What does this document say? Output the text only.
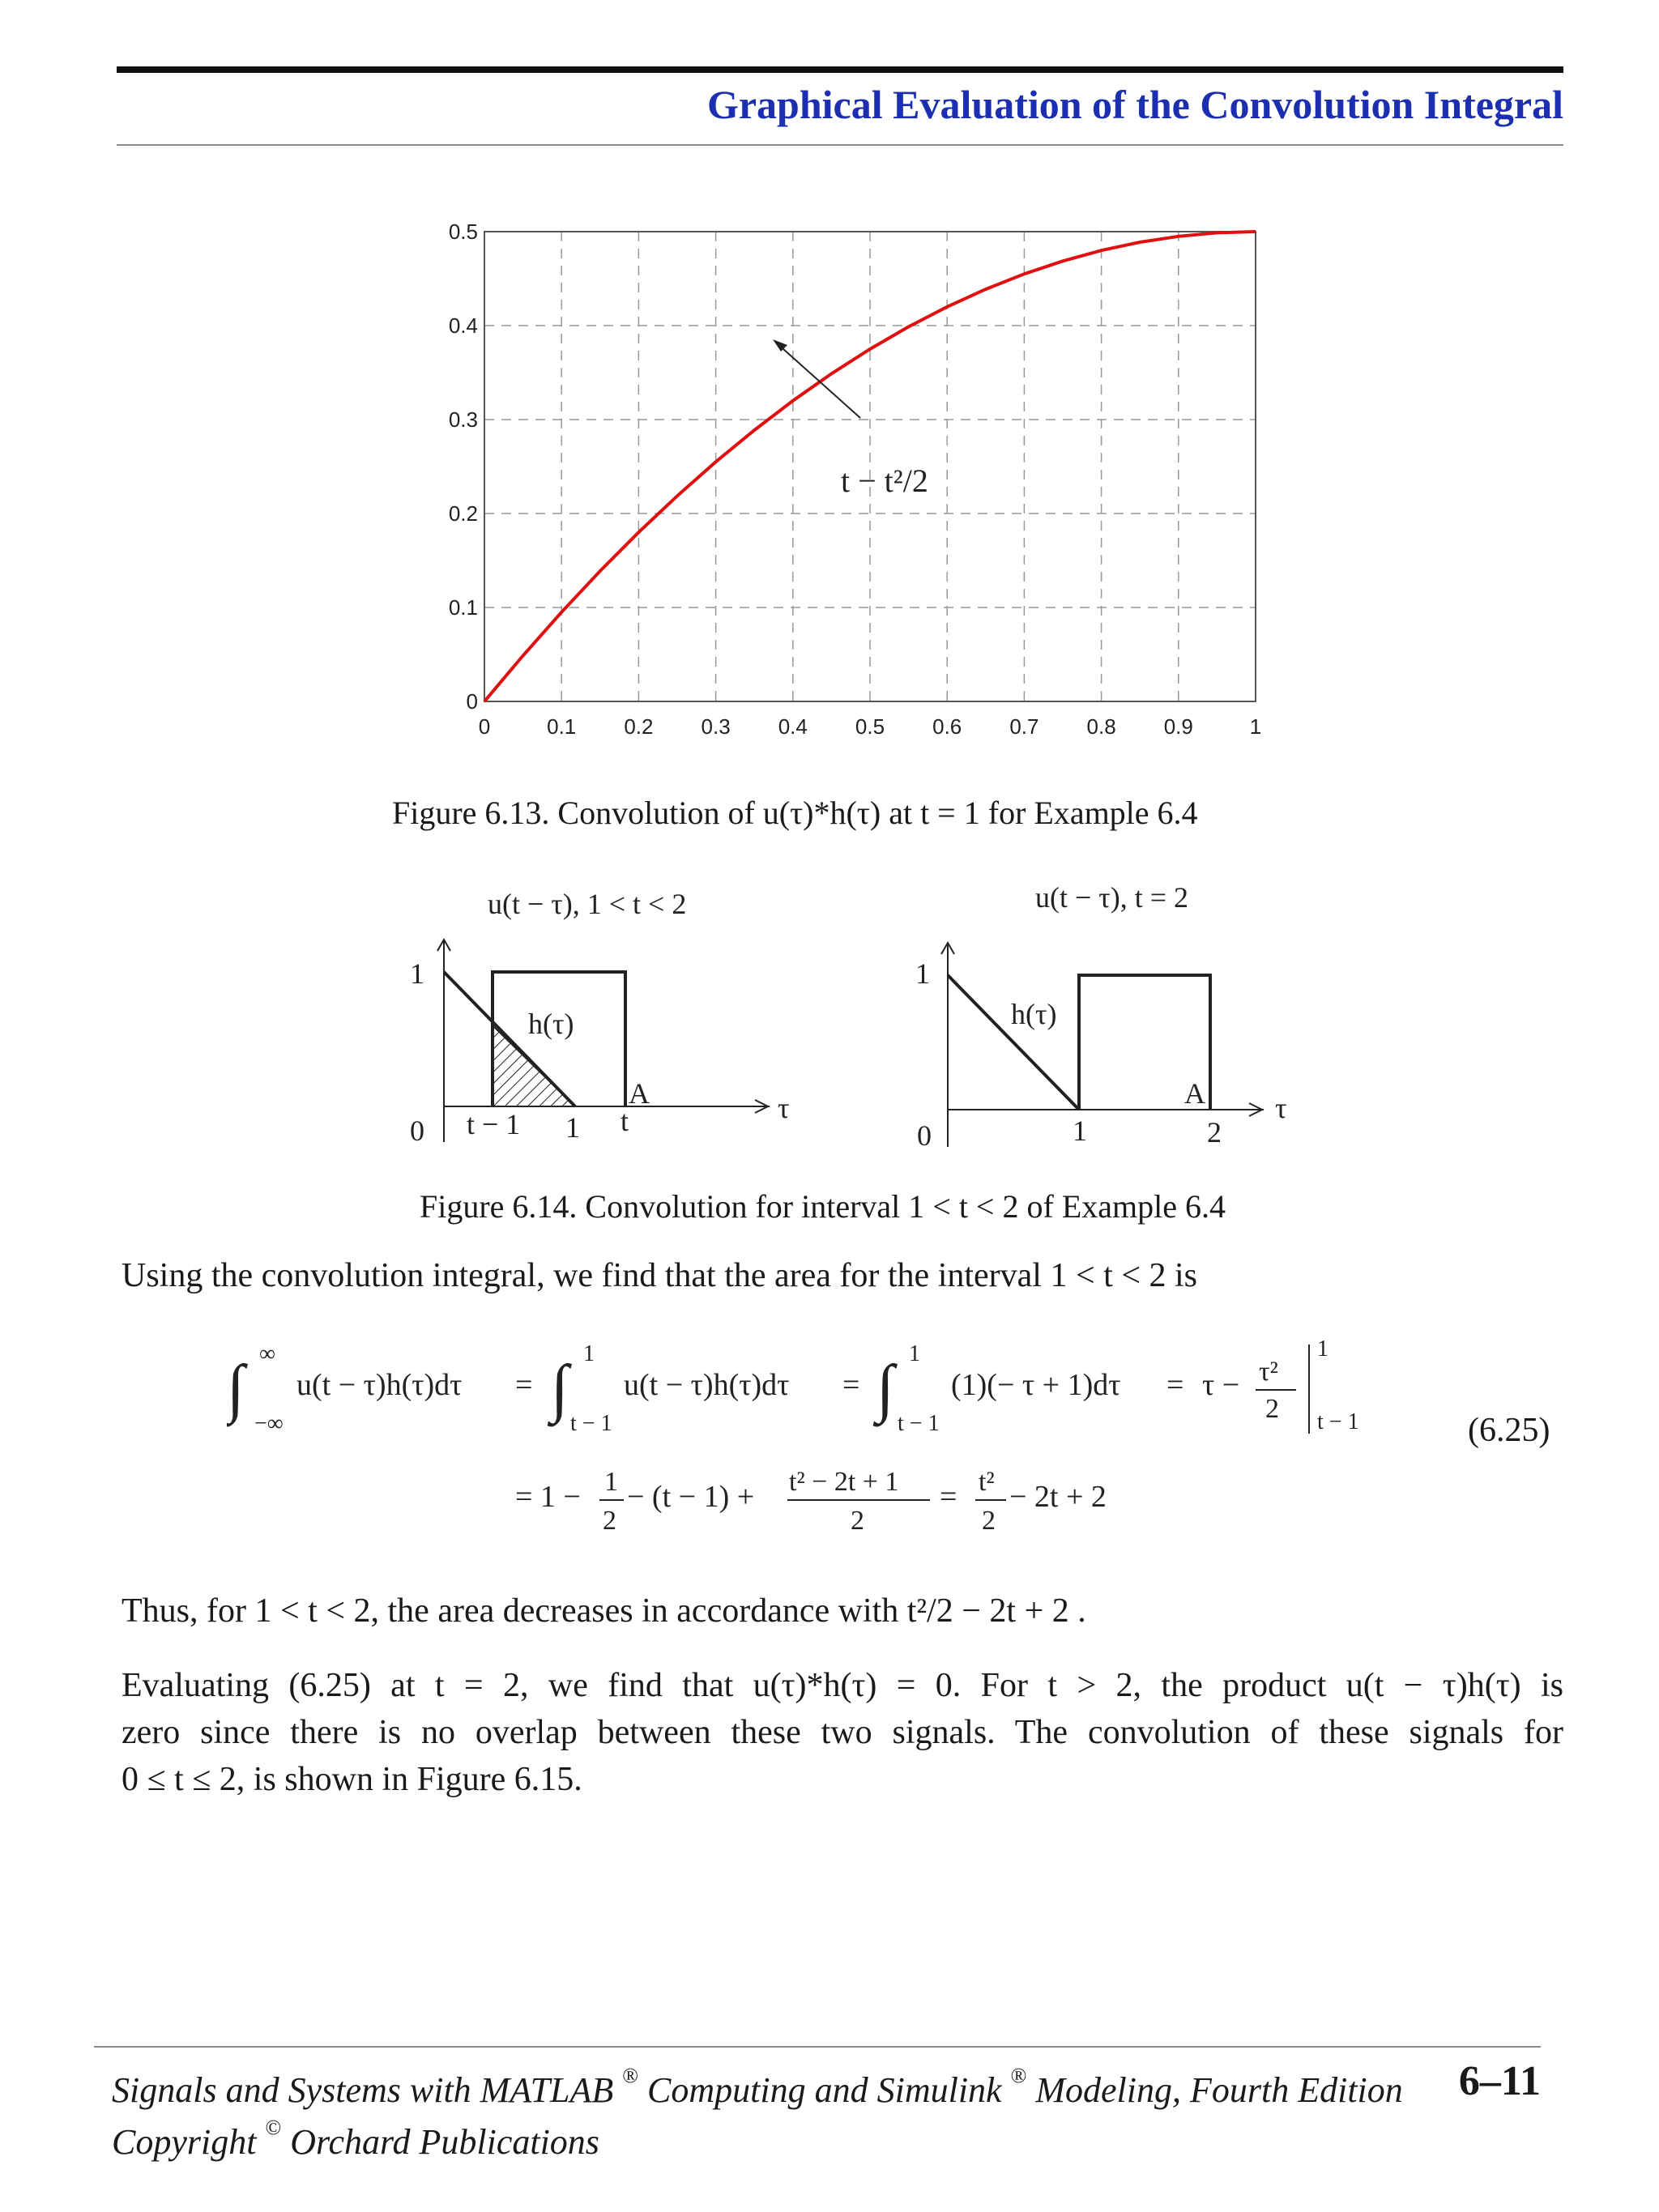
Graphical Evaluation of the Convolution Integral
0	0.1 0.2 0.3 0.4 0.5 0.6 0.7 0.8 0.9	1
0
0.1
0.2
0.3
0.4
0.5
t − t²/2
Figure 6.13. Convolution of u(τ)*h(τ) at t = 1 for Example 6.4
u(t − τ), 1 < t < 2
h(τ)
A
1
0 t − 1 1 t	τ
u(t − τ), t = 2
h(τ)
A
1
0	1	2
τ
Figure 6.14. Convolution for interval 1 < t < 2 of Example 6.4
Using the convolution integral, we find that the area for the interval 1 < t < 2 is
∫ ∞
−∞
u(t − τ)h(τ)dτ = ∫ 1
t − 1
u(t − τ)h(τ)dτ = ∫ 1
t − 1
(1)(− τ + 1)dτ = τ − τ²
2
1
t − 1
= 1 − 1
2
− (t − 1) + t² − 2t + 1
2
= t²
2
− 2t + 2
(6.25)
Thus, for 1 < t < 2, the area decreases in accordance with t²/2 − 2t + 2 .
Evaluating (6.25) at t = 2, we find that u(τ)*h(τ) = 0. For t > 2, the product u(t − τ)h(τ) is
zero since there is no overlap between these two signals. The convolution of these signals for
0 ≤ t ≤ 2, is shown in Figure 6.15.
Signals and Systems with MATLAB ® Computing and Simulink ® Modeling, Fourth Edition 6–11
Copyright © Orchard Publications
